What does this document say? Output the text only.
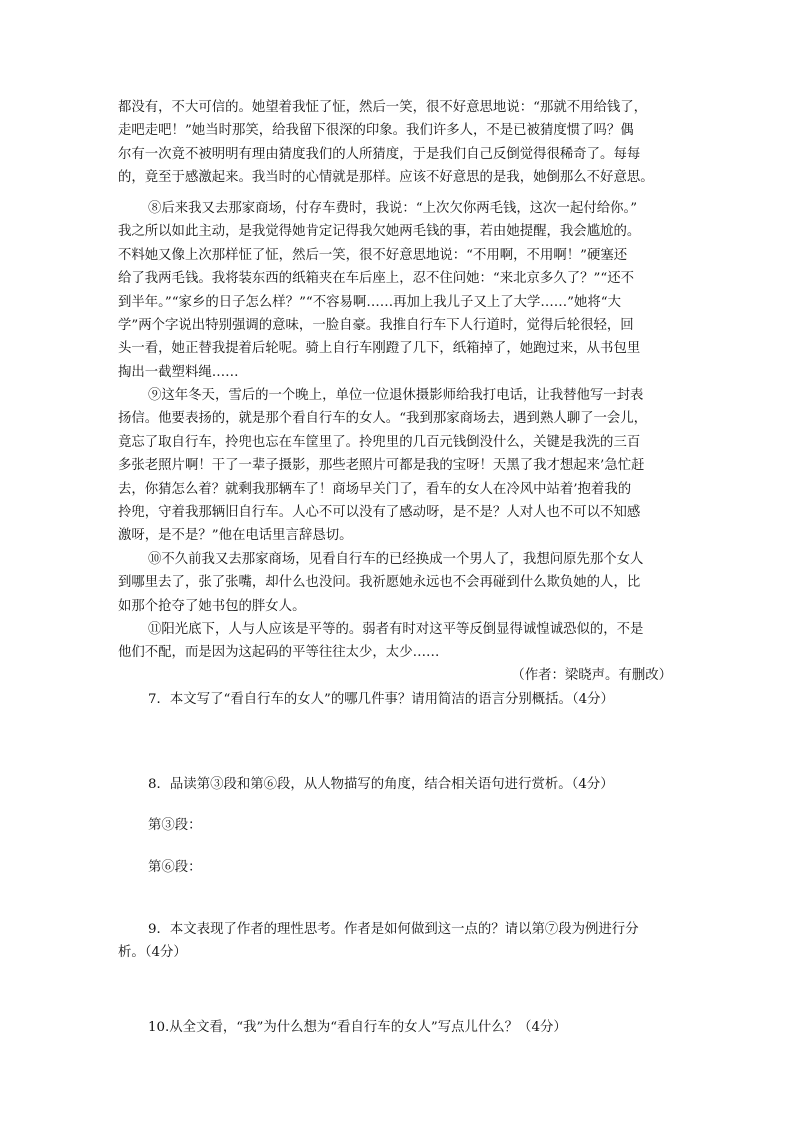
都没有，不大可信的。她望着我怔了怔，然后一笑，很不好意思地说：“那就不用给钱了，
走吧走吧！”她当时那笑，给我留下很深的印象。我们许多人，不是已被猜度惯了吗？偶
尔有一次竟不被明明有理由猜度我们的人所猜度，于是我们自己反倒觉得很稀奇了。每每
的，竟至于感激起来。我当时的心情就是那样。应该不好意思的是我，她倒那么不好意思。

⑧后来我又去那家商场，付存车费时，我说：“上次欠你两毛钱，这次一起付给你。”
我之所以如此主动，是我觉得她肯定记得我欠她两毛钱的事，若由她提醒，我会尴尬的。
不料她又像上次那样怔了怔，然后一笑，很不好意思地说：“不用啊，不用啊！”硬塞还
给了我两毛钱。我将装东西的纸箱夹在车后座上，忍不住问她：“来北京多久了？”“还不
到半年。”“家乡的日子怎么样？”“不容易啊……再加上我儿子又上了大学……”她将“大
学”两个字说出特别强调的意味，一脸自豪。我推自行车下人行道时，觉得后轮很轻，回
头一看，她正替我提着后轮呢。骑上自行车刚蹬了几下，纸箱掉了，她跑过来，从书包里
掏出一截塑料绳……

⑨这年冬天，雪后的一个晚上，单位一位退休摄影师给我打电话，让我替他写一封表
扬信。他要表扬的，就是那个看自行车的女人。“我到那家商场去，遇到熟人聊了一会儿，
竟忘了取自行车，拎兜也忘在车筐里了。拎兜里的几百元钱倒没什么，关键是我洗的三百
多张老照片啊！干了一辈子摄影，那些老照片可都是我的宝呀！天黑了我才想起来’急忙赶
去，你猜怎么着？就剩我那辆车了！商场早关门了，看车的女人在冷风中站着’抱着我的
拎兜，守着我那辆旧自行车。人心不可以没有了感动呀，是不是？人对人也不可以不知感
激呀，是不是？”他在电话里言辞恳切。

⑩不久前我又去那家商场，见看自行车的已经换成一个男人了，我想问原先那个女人
到哪里去了，张了张嘴，却什么也没问。我祈愿她永远也不会再碰到什么欺负她的人，比
如那个抢夺了她书包的胖女人。

⑪阳光底下，人与人应该是平等的。弱者有时对这平等反倒显得诚惶诚恐似的，不是
他们不配，而是因为这起码的平等往往太少，太少……

（作者：梁晓声。有删改）

7．本文写了“看自行车的女人”的哪几件事？请用简洁的语言分别概括。（4分）

8．品读第③段和第⑥段，从人物描写的角度，结合相关语句进行赏析。（4分）

第③段：

第⑥段：

9．本文表现了作者的理性思考。作者是如何做到这一点的？请以第⑦段为例进行分
析。（4分）

10.从全文看，“我”为什么想为“看自行车的女人”写点儿什么？（4分）
